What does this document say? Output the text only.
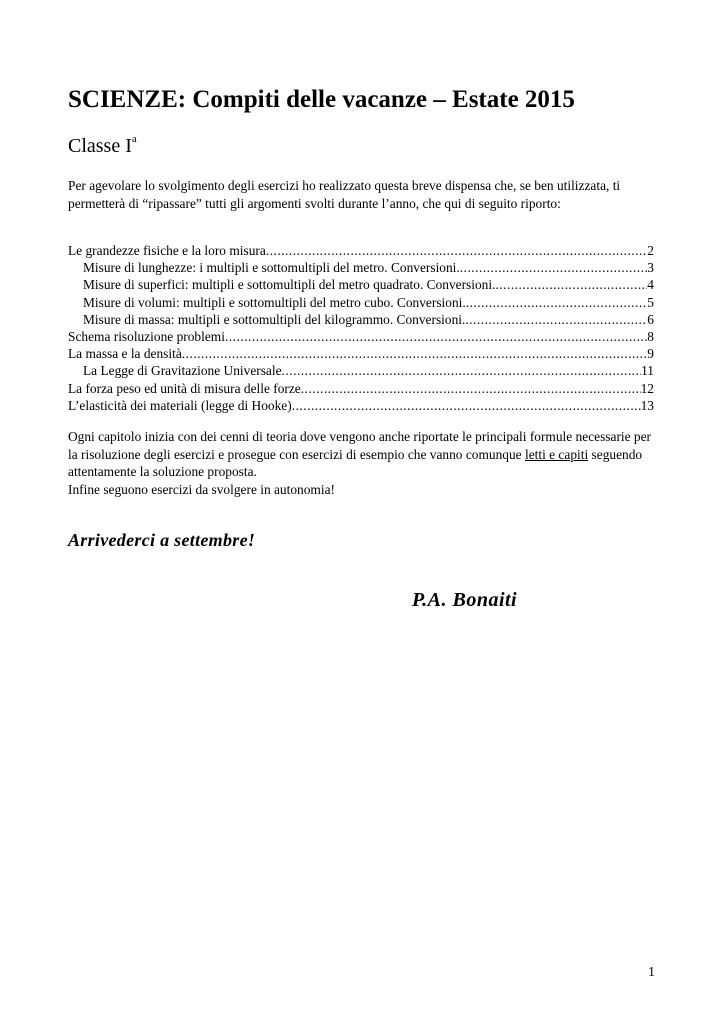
SCIENZE: Compiti delle vacanze – Estate 2015
Classe $I^a$
Per agevolare lo svolgimento degli esercizi ho realizzato questa breve dispensa che, se ben utilizzata, ti permetterà di “ripassare” tutti gli argomenti svolti durante l’anno, che qui di seguito riporto:
Le grandezze fisiche e la loro misura .....	2
Misure di lunghezze: i multipli e sottomultipli del metro. Conversioni. .....	3
Misure di superfici: multipli e sottomultipli del metro quadrato. Conversioni. .....	4
Misure di volumi: multipli e sottomultipli del metro cubo. Conversioni. .....	5
Misure di massa: multipli e sottomultipli del kilogrammo. Conversioni. .....	6
Schema risoluzione problemi .....	8
La massa e la densità .....	9
La Legge di Gravitazione Universale .....	11
La forza peso ed unità di misura delle forze .....	12
L’elasticità dei materiali (legge di Hooke) .....	13
Ogni capitolo inizia con dei cenni di teoria dove vengono anche riportate le principali formule necessarie per la risoluzione degli esercizi e prosegue con esercizi di esempio che vanno comunque letti e capiti seguendo attentamente la soluzione proposta.
Infine seguono esercizi da svolgere in autonomia!
Arrivederci a settembre!
P.A. Bonaiti
1
